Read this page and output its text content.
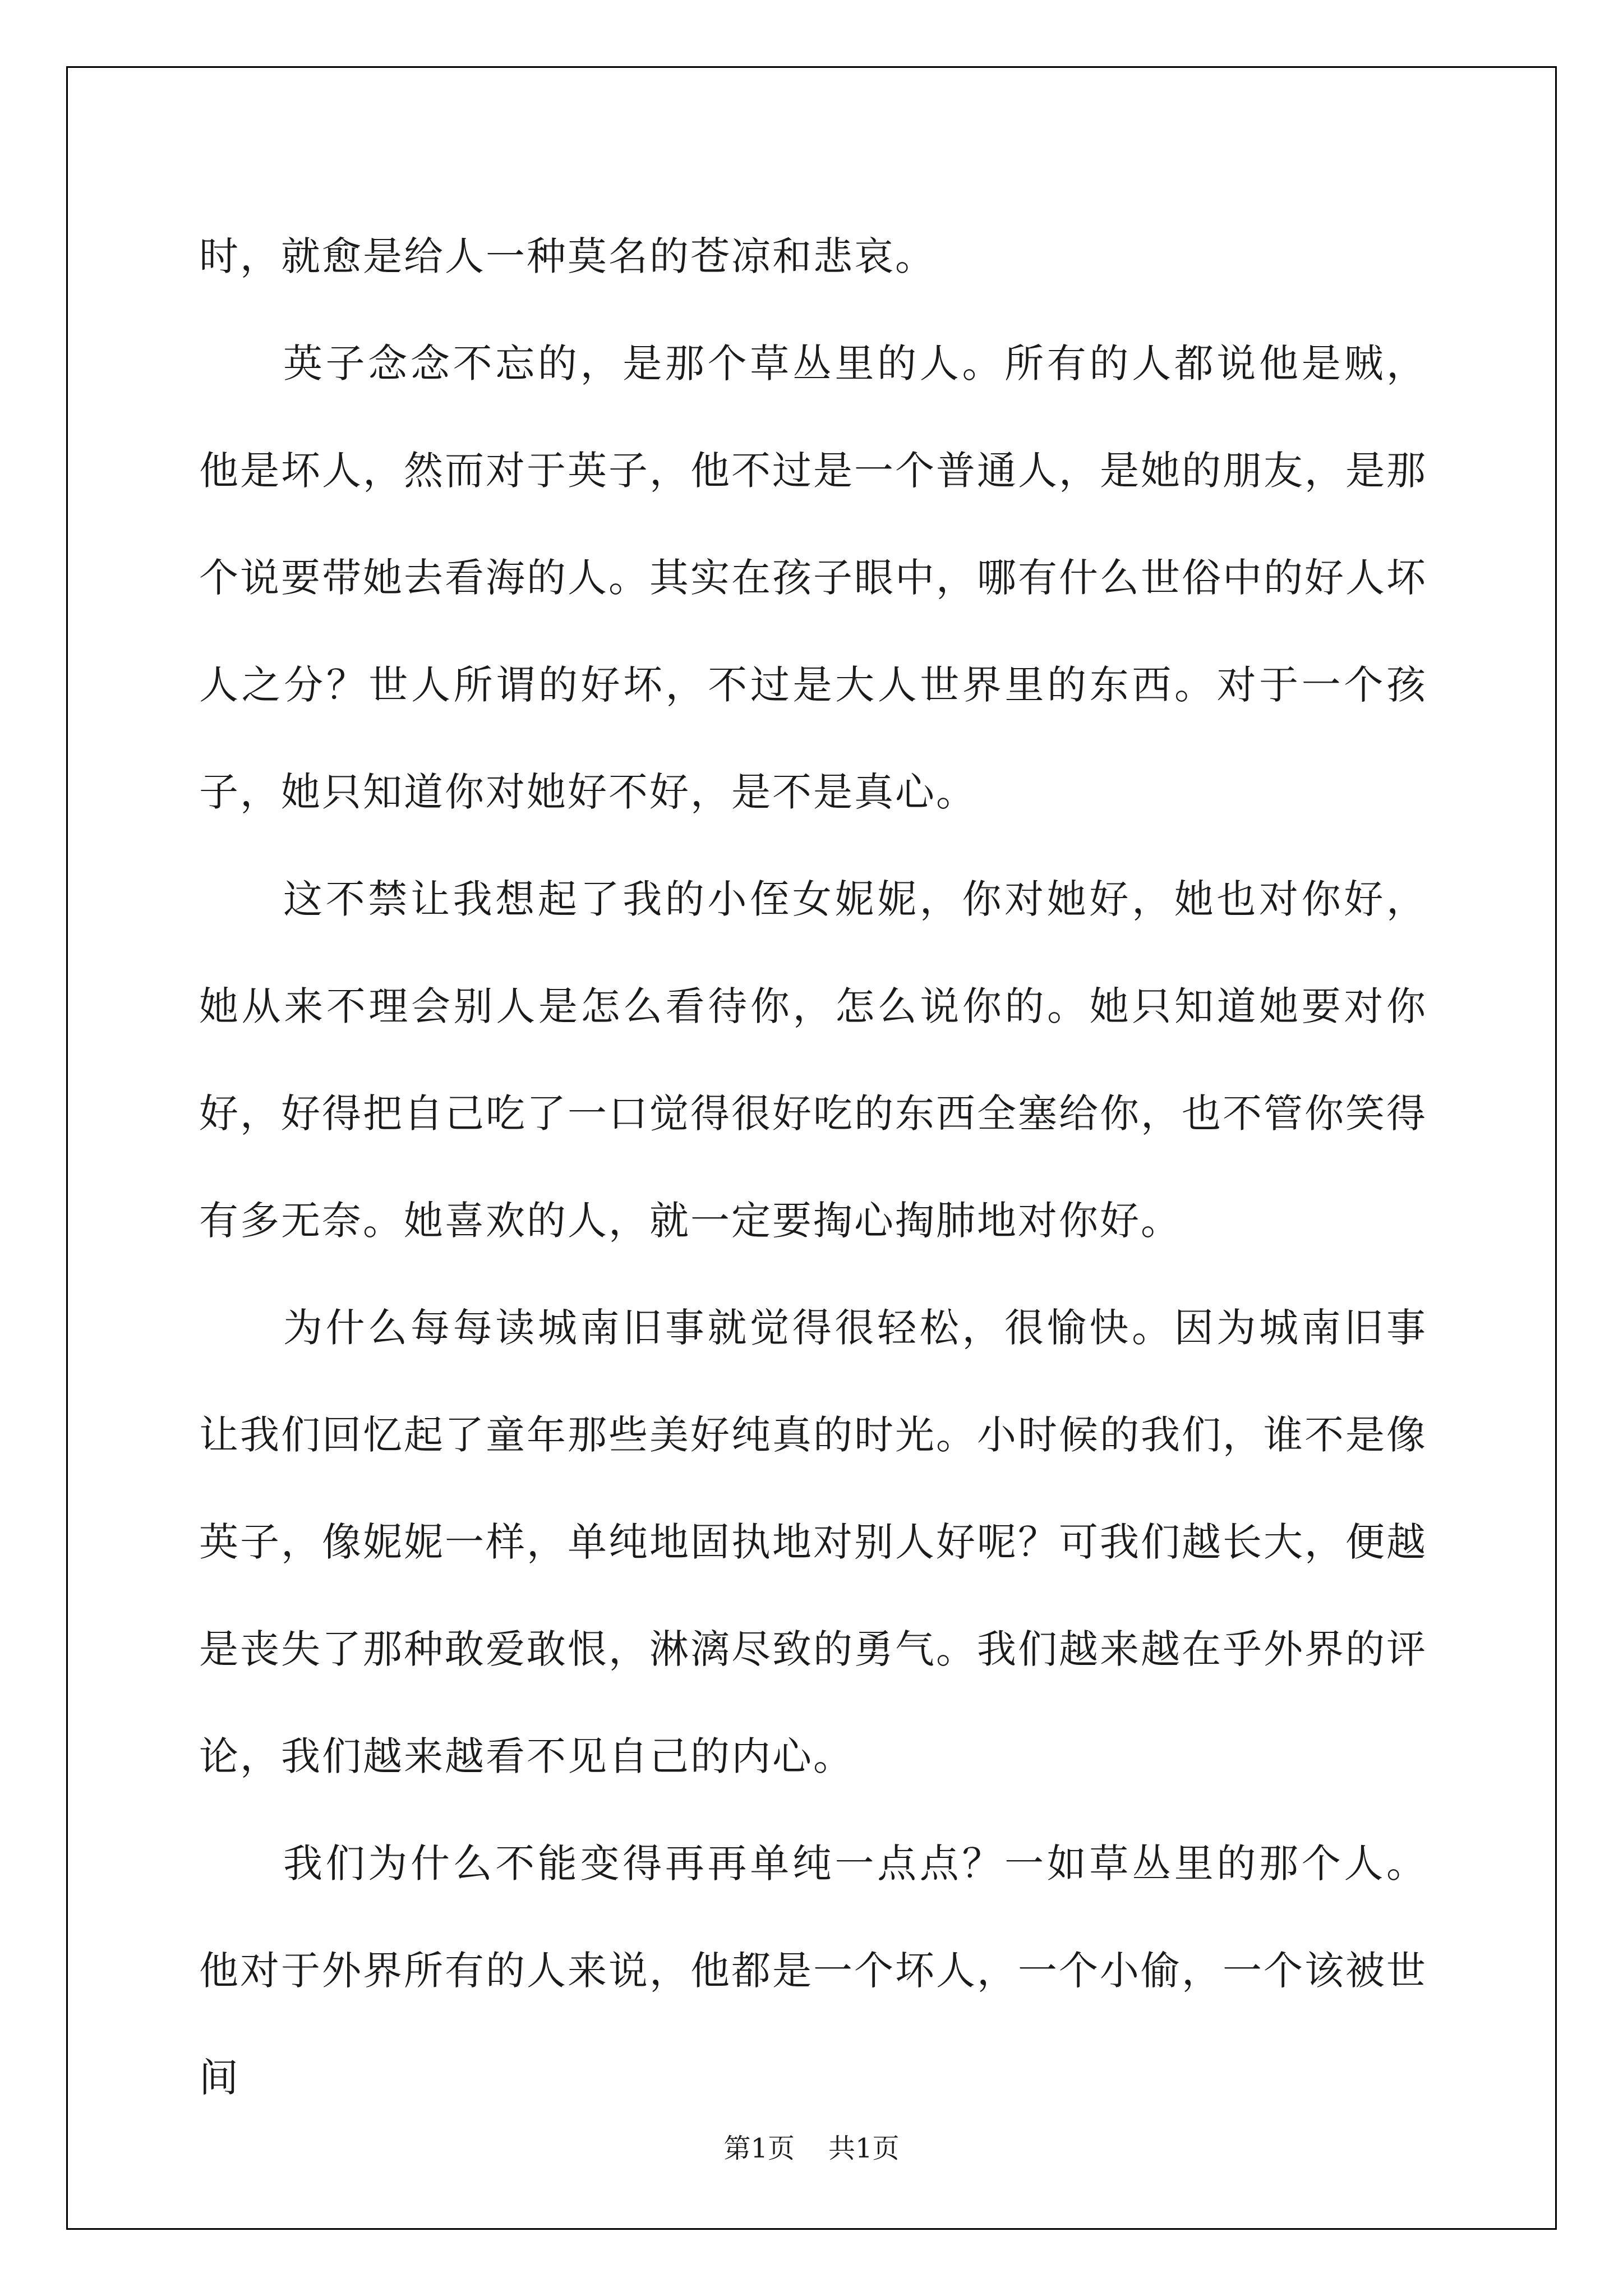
时，就愈是给人一种莫名的苍凉和悲哀。

英子念念不忘的，是那个草丛里的人。所有的人都说他是贼，他是坏人，然而对于英子，他不过是一个普通人，是她的朋友，是那个说要带她去看海的人。其实在孩子眼中，哪有什么世俗中的好人坏人之分？世人所谓的好坏，不过是大人世界里的东西。对于一个孩子，她只知道你对她好不好，是不是真心。

这不禁让我想起了我的小侄女妮妮，你对她好，她也对你好，她从来不理会别人是怎么看待你，怎么说你的。她只知道她要对你好，好得把自己吃了一口觉得很好吃的东西全塞给你，也不管你笑得有多无奈。她喜欢的人，就一定要掏心掏肺地对你好。

为什么每每读城南旧事就觉得很轻松，很愉快。因为城南旧事让我们回忆起了童年那些美好纯真的时光。小时候的我们，谁不是像英子，像妮妮一样，单纯地固执地对别人好呢？可我们越长大，便越是丧失了那种敢爱敢恨，淋漓尽致的勇气。我们越来越在乎外界的评论，我们越来越看不见自己的内心。

我们为什么不能变得再再单纯一点点？一如草丛里的那个人。他对于外界所有的人来说，他都是一个坏人，一个小偷，一个该被世间

第1页 共1页
